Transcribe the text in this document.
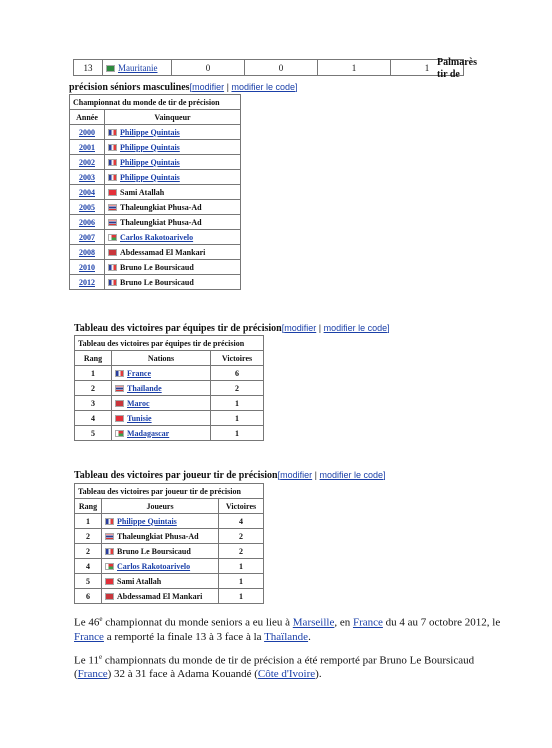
13	Mauritanie	0	0	1	1 Palmarès
tir de
précision séniors masculines[modifier | modifier le code]
Championnat du monde de tir de précision	
Année	Vainqueur
2000	Philippe Quintais
2001	Philippe Quintais
2002	Philippe Quintais
2003	Philippe Quintais
2004	Sami Atallah
2005	Thaleungkiat Phusa-Ad
2006	Thaleungkiat Phusa-Ad
2007	Carlos Rakotoarivelo
2008	Abdessamad El Mankari
2010	Bruno Le Boursicaud
2012	Bruno Le Boursicaud
Tableau des victoires par équipes tir de précision[modifier | modifier le code]
Tableau des victoires par équipes tir de précision		
Rang	Nations	Victoires
1	France	6
2	Thaïlande	2
3	Maroc	1
4	Tunisie	1
5	Madagascar	1
Tableau des victoires par joueur tir de précision[modifier | modifier le code]
Tableau des victoires par joueur tir de précision		
Rang	Joueurs	Victoires
1	Philippe Quintais	4
2	Thaleungkiat Phusa-Ad	2
2	Bruno Le Boursicaud	2
4	Carlos Rakotoarivelo	1
5	Sami Atallah	1
6	Abdessamad El Mankari	1

Le 46e championnat du monde seniors a eu lieu à Marseille, en France du 4 au 7 octobre 2012, le France a remporté la finale 13 à 3 face à la Thaïlande.

Le 11e championnats du monde de tir de précision a été remporté par Bruno Le Boursicaud (France) 32 à 31 face à Adama Kouandé (Côte d'Ivoire).
